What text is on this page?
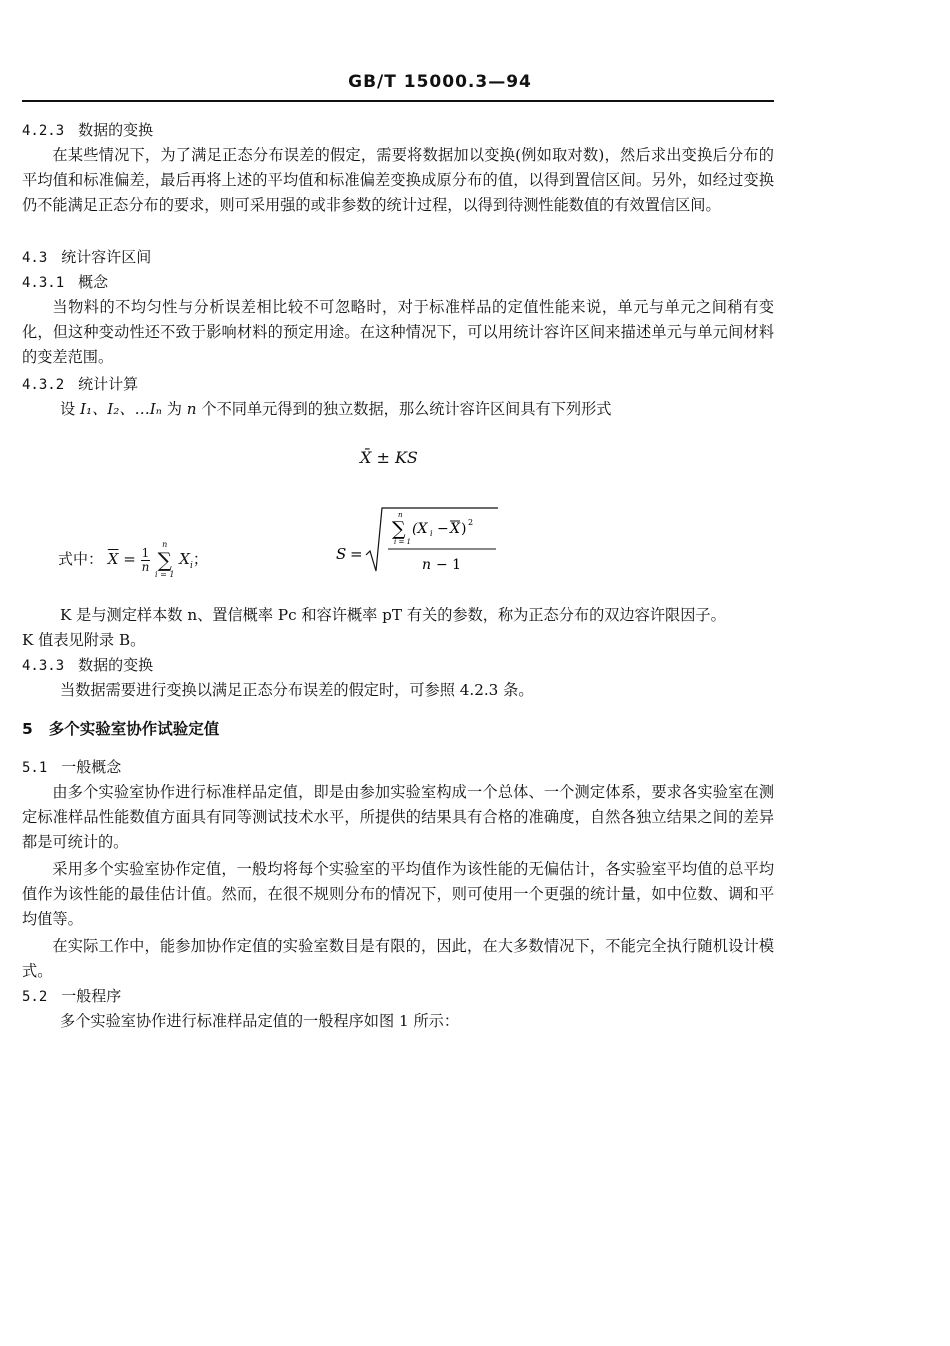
GB/T 15000.3—94
4.2.3 数据的变换
在某些情况下，为了满足正态分布误差的假定，需要将数据加以变换(例如取对数)，然后求出变换后分布的平均值和标准偏差，最后再将上述的平均值和标准偏差变换成原分布的值，以得到置信区间。另外，如经过变换仍不能满足正态分布的要求，则可采用强的或非参数的统计过程，以得到待测性能数值的有效置信区间。
4.3 统计容许区间
4.3.1 概念
当物料的不均匀性与分析误差相比较不可忽略时，对于标准样品的定值性能来说，单元与单元之间稍有变化，但这种变动性还不致于影响材料的预定用途。在这种情况下，可以用统计容许区间来描述单元与单元间材料的变差范围。
4.3.2 统计计算
设 I₁、I₂、…Iₙ 为 n 个不同单元得到的独立数据，那么统计容许区间具有下列形式
X̄ ± KS
式中： $\overline{X} = \frac{1}{n}$

n
∑
i = 1
$X_i$；	S =
n
∑
i = 1
(X i − X ) 2
n − 1
K 是与测定样本数 n、置信概率 Pc 和容许概率 pT 有关的参数，称为正态分布的双边容许限因子。
K 值表见附录 B。
4.3.3 数据的变换
当数据需要进行变换以满足正态分布误差的假定时，可参照 4.2.3 条。
5 多个实验室协作试验定值
5.1 一般概念
由多个实验室协作进行标准样品定值，即是由参加实验室构成一个总体、一个测定体系，要求各实验室在测定标准样品性能数值方面具有同等测试技术水平，所提供的结果具有合格的准确度，自然各独立结果之间的差异都是可统计的。
采用多个实验室协作定值，一般均将每个实验室的平均值作为该性能的无偏估计，各实验室平均值的总平均值作为该性能的最佳估计值。然而，在很不规则分布的情况下，则可使用一个更强的统计量，如中位数、调和平均值等。
在实际工作中，能参加协作定值的实验室数目是有限的，因此，在大多数情况下，不能完全执行随机设计模式。
5.2 一般程序
多个实验室协作进行标准样品定值的一般程序如图 1 所示：
